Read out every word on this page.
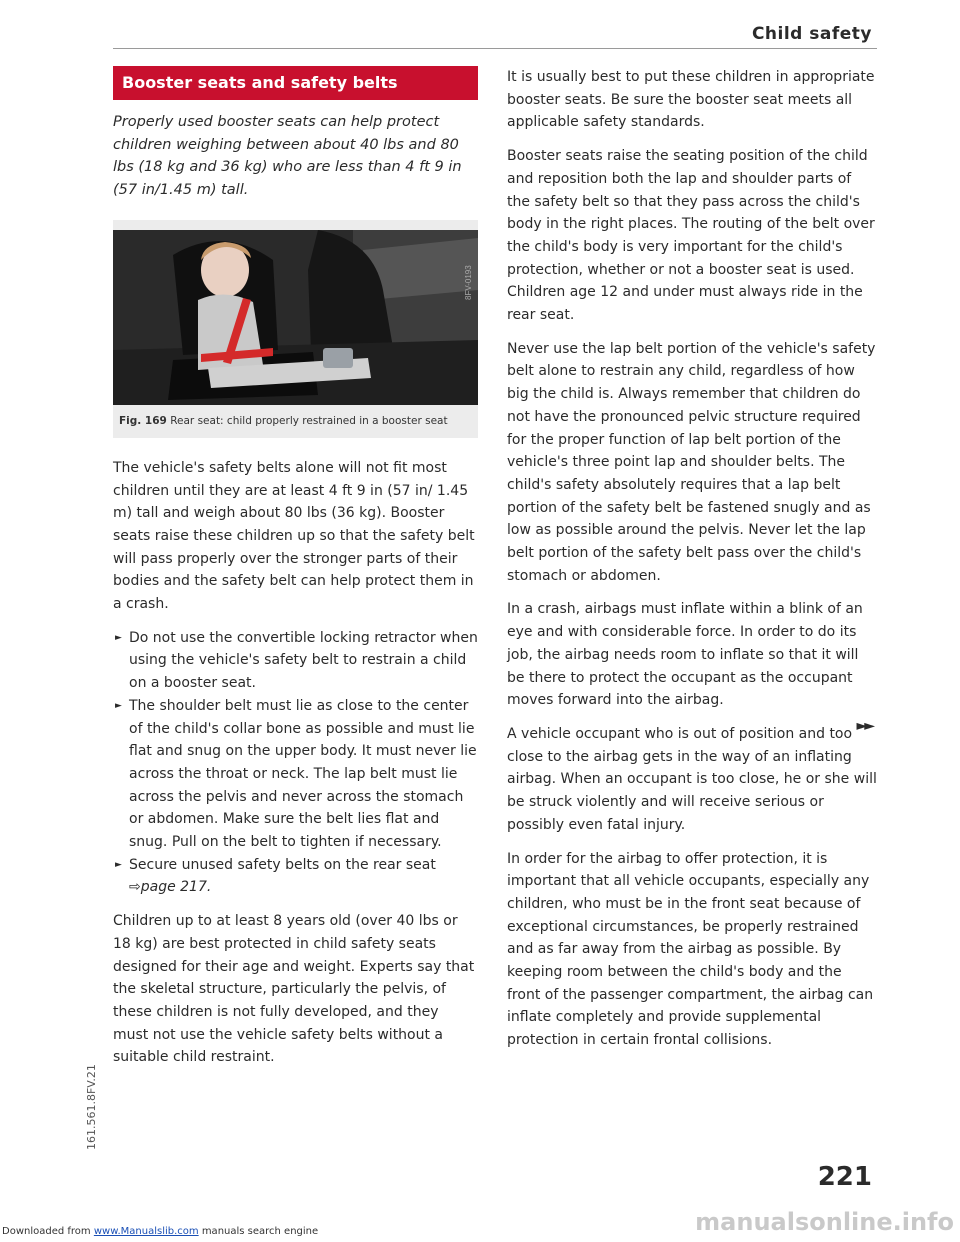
Child safety
Booster seats and safety belts

Properly used booster seats can help protect children weighing between about 40 lbs and 80 lbs (18 kg and 36 kg) who are less than 4 ft 9 in (57 in/1.45 m) tall.

8FV-0193
Fig. 169 Rear seat: child properly restrained in a booster seat

The vehicle's safety belts alone will not fit most children until they are at least 4 ft 9 in (57 in/ 1.45 m) tall and weigh about 80 lbs (36 kg). Booster seats raise these children up so that the safety belt will pass properly over the stronger parts of their bodies and the safety belt can help protect them in a crash.

► Do not use the convertible locking retractor when using the vehicle's safety belt to restrain a child on a booster seat.
► The shoulder belt must lie as close to the center of the child's collar bone as possible and must lie flat and snug on the upper body. It must never lie across the throat or neck. The lap belt must lie across the pelvis and never across the stomach or abdomen. Make sure the belt lies flat and snug. Pull on the belt to tighten if necessary.
► Secure unused safety belts on the rear seat
⇨page 217.

Children up to at least 8 years old (over 40 lbs or 18 kg) are best protected in child safety seats designed for their age and weight. Experts say that the skeletal structure, particularly the pelvis, of these children is not fully developed, and they must not use the vehicle safety belts without a suitable child restraint.

It is usually best to put these children in appropriate booster seats. Be sure the booster seat meets all applicable safety standards.

Booster seats raise the seating position of the child and reposition both the lap and shoulder parts of the safety belt so that they pass across the child's body in the right places. The routing of the belt over the child's body is very important for the child's protection, whether or not a booster seat is used. Children age 12 and under must always ride in the rear seat.

Never use the lap belt portion of the vehicle's safety belt alone to restrain any child, regardless of how big the child is. Always remember that children do not have the pronounced pelvic structure required for the proper function of lap belt portion of the vehicle's three point lap and shoulder belts. The child's safety absolutely requires that a lap belt portion of the safety belt be fastened snugly and as low as possible around the pelvis. Never let the lap belt portion of the safety belt pass over the child's stomach or abdomen.

In a crash, airbags must inflate within a blink of an eye and with considerable force. In order to do its job, the airbag needs room to inflate so that it will be there to protect the occupant as the occupant moves forward into the airbag.

A vehicle occupant who is out of position and too close to the airbag gets in the way of an inflating airbag. When an occupant is too close, he or she will be struck violently and will receive serious or possibly even fatal injury.

In order for the airbag to offer protection, it is important that all vehicle occupants, especially any children, who must be in the front seat because of exceptional circumstances, be properly restrained and as far away from the airbag as possible. By keeping room between the child's body and the front of the passenger compartment, the airbag can inflate completely and provide supplemental protection in certain frontal collisions.

►►
221
161.561.8FV.21
manualsonline.info
Downloaded from www.Manualslib.com manuals search engine
